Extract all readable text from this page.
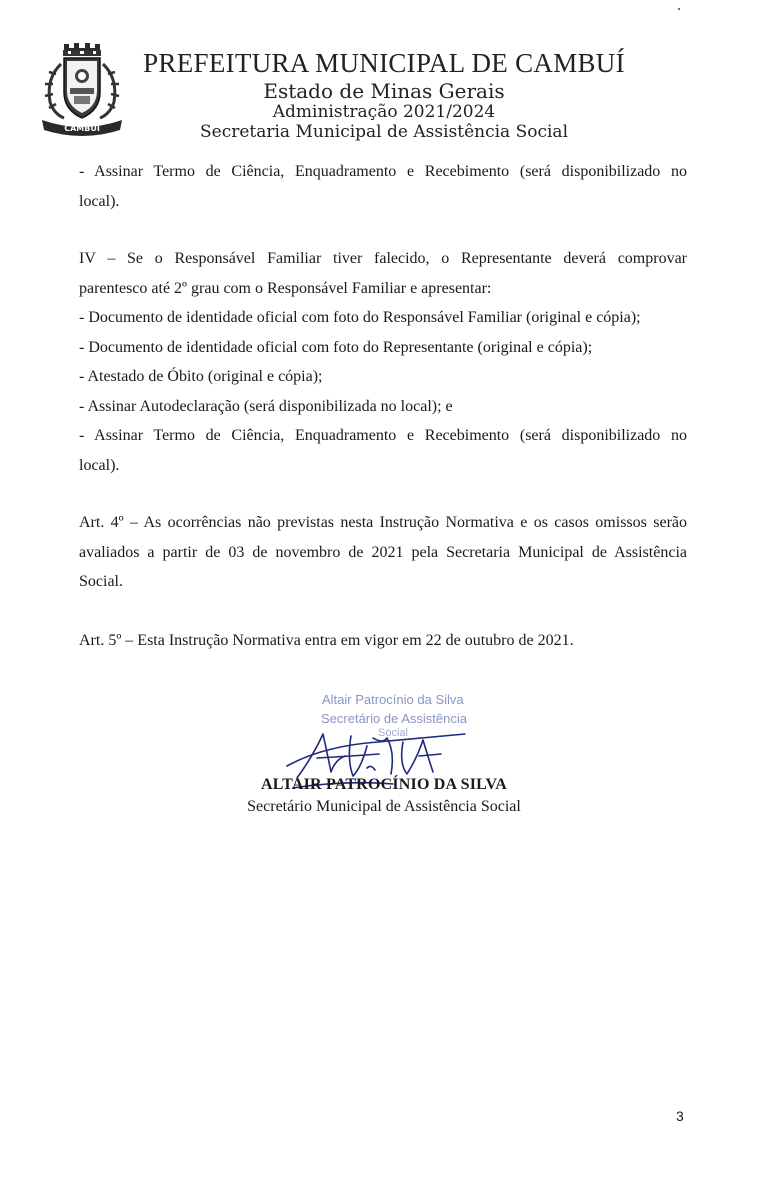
CAMBUÍ
PREFEITURA MUNICIPAL DE CAMBUÍ
Estado de Minas Gerais
Administração 2021/2024
Secretaria Municipal de Assistência Social
- Assinar Termo de Ciência, Enquadramento e Recebimento (será disponibilizado no
local).
IV – Se o Responsável Familiar tiver falecido, o Representante deverá comprovar
parentesco até 2º grau com o Responsável Familiar e apresentar:
- Documento de identidade oficial com foto do Responsável Familiar (original e cópia);
- Documento de identidade oficial com foto do Representante (original e cópia);
- Atestado de Óbito (original e cópia);
- Assinar Autodeclaração (será disponibilizada no local); e
- Assinar Termo de Ciência, Enquadramento e Recebimento (será disponibilizado no
local).
Art. 4º – As ocorrências não previstas nesta Instrução Normativa e os casos omissos serão
avaliados a partir de 03 de novembro de 2021 pela Secretaria Municipal de Assistência
Social.
Art. 5º – Esta Instrução Normativa entra em vigor em 22 de outubro de 2021.
Altair Patrocínio da Silva
Secretário de Assistência
Social
ALTAIR PATROCÍNIO DA SILVA
Secretário Municipal de Assistência Social
3
